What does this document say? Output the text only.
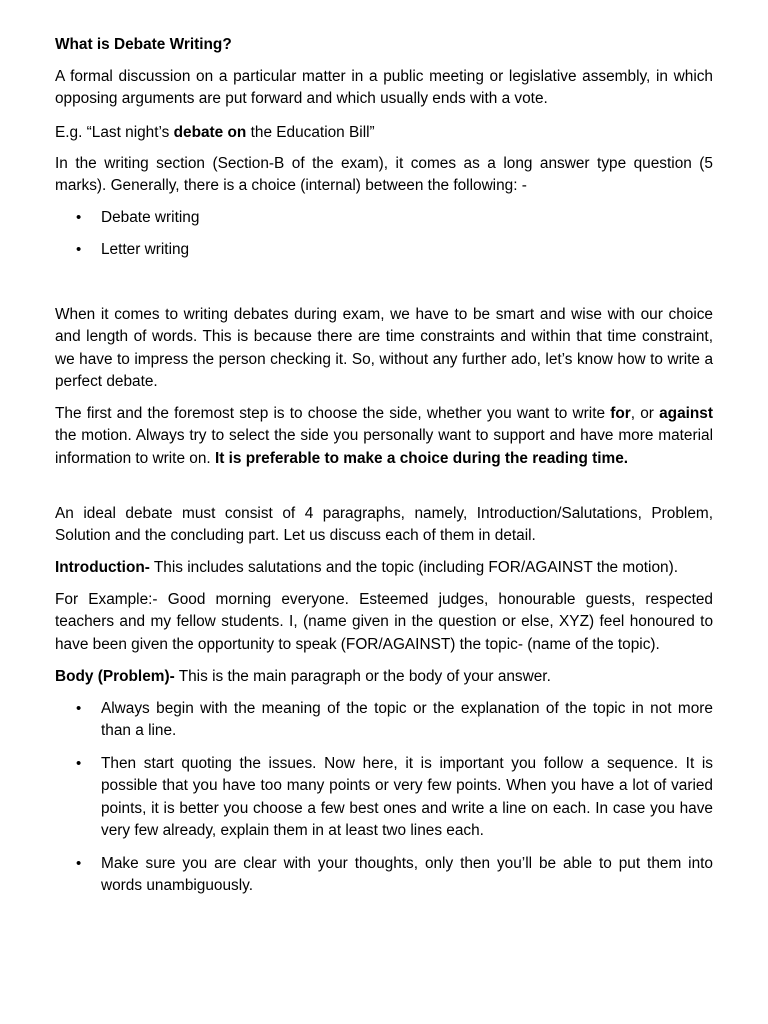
What is Debate Writing?

A formal discussion on a particular matter in a public meeting or legislative assembly, in which opposing arguments are put forward and which usually ends with a vote.

E.g. “Last night’s debate on the Education Bill”

In the writing section (Section-B of the exam), it comes as a long answer type question (5 marks). Generally, there is a choice (internal) between the following: -

•	Debate writing

•	Letter writing

When it comes to writing debates during exam, we have to be smart and wise with our choice and length of words. This is because there are time constraints and within that time constraint, we have to impress the person checking it. So, without any further ado, let’s know how to write a perfect debate.

The first and the foremost step is to choose the side, whether you want to write for, or against the motion. Always try to select the side you personally want to support and have more material information to write on. It is preferable to make a choice during the reading time.

An ideal debate must consist of 4 paragraphs, namely, Introduction/Salutations, Problem, Solution and the concluding part. Let us discuss each of them in detail.

Introduction- This includes salutations and the topic (including FOR/AGAINST the motion).

For Example:- Good morning everyone. Esteemed judges, honourable guests, respected teachers and my fellow students. I, (name given in the question or else, XYZ) feel honoured to have been given the opportunity to speak (FOR/AGAINST) the topic- (name of the topic).

Body (Problem)- This is the main paragraph or the body of your answer.

•	Always begin with the meaning of the topic or the explanation of the topic in not more than a line.

•	Then start quoting the issues. Now here, it is important you follow a sequence. It is possible that you have too many points or very few points. When you have a lot of varied points, it is better you choose a few best ones and write a line on each. In case you have very few already, explain them in at least two lines each.

•	Make sure you are clear with your thoughts, only then you’ll be able to put them into words unambiguously.
